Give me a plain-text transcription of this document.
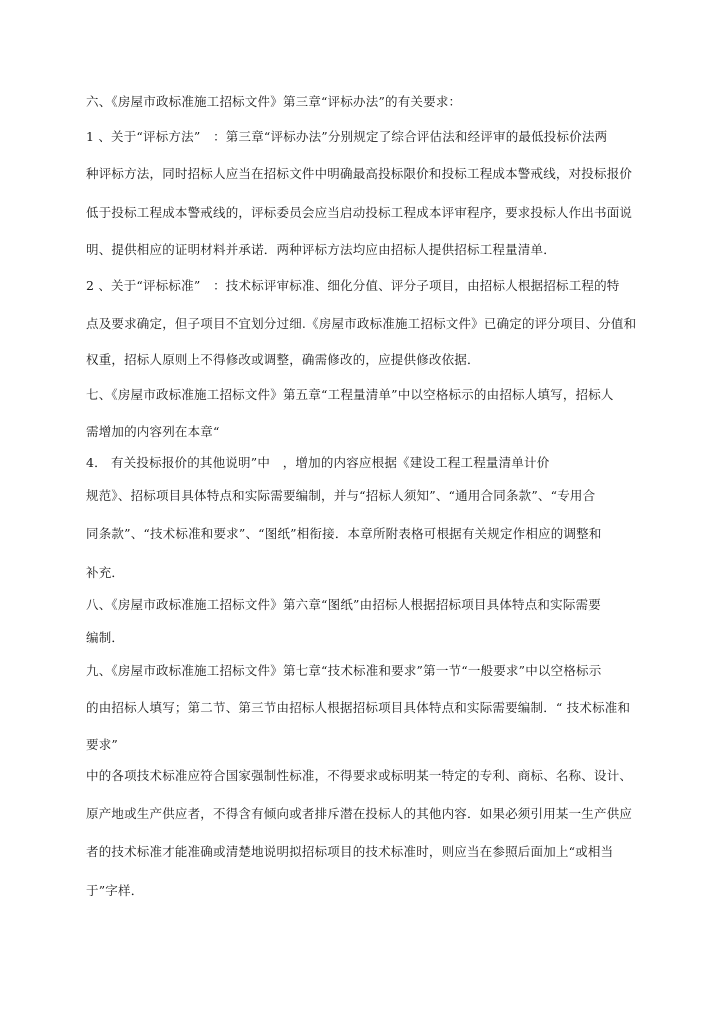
六、《房屋市政标准施工招标文件》第三章“评标办法”的有关要求：
1 、关于“评标方法”　：第三章“评标办法”分别规定了综合评估法和经评审的最低投标价法两
种评标方法，同时招标人应当在招标文件中明确最高投标限价和投标工程成本警戒线，对投标报价
低于投标工程成本警戒线的，评标委员会应当启动投标工程成本评审程序，要求投标人作出书面说
明、提供相应的证明材料并承诺．两种评标方法均应由招标人提供招标工程量清单．
2 、关于“评标标准”　：技术标评审标准、细化分值、评分子项目，由招标人根据招标工程的特
点及要求确定，但子项目不宜划分过细.《房屋市政标准施工招标文件》已确定的评分项目、分值和
权重，招标人原则上不得修改或调整，确需修改的，应提供修改依据．
七、《房屋市政标准施工招标文件》第五章“工程量清单”中以空格标示的由招标人填写，招标人
需增加的内容列在本章“
4． 有关投标报价的其他说明”中　，增加的内容应根据《建设工程工程量清单计价
规范》、招标项目具体特点和实际需要编制，并与“招标人须知”、“通用合同条款”、“专用合
同条款”、“技术标准和要求”、“图纸”相衔接．本章所附表格可根据有关规定作相应的调整和
补充．
八、《房屋市政标准施工招标文件》第六章“图纸”由招标人根据招标项目具体特点和实际需要
编制．
九、《房屋市政标准施工招标文件》第七章“技术标准和要求”第一节“一般要求”中以空格标示
的由招标人填写；第二节、第三节由招标人根据招标项目具体特点和实际需要编制．“ 技术标准和
要求”
中的各项技术标准应符合国家强制性标准，不得要求或标明某一特定的专利、商标、名称、设计、
原产地或生产供应者，不得含有倾向或者排斥潜在投标人的其他内容．如果必须引用某一生产供应
者的技术标准才能准确或清楚地说明拟招标项目的技术标准时，则应当在参照后面加上“或相当
于”字样．
